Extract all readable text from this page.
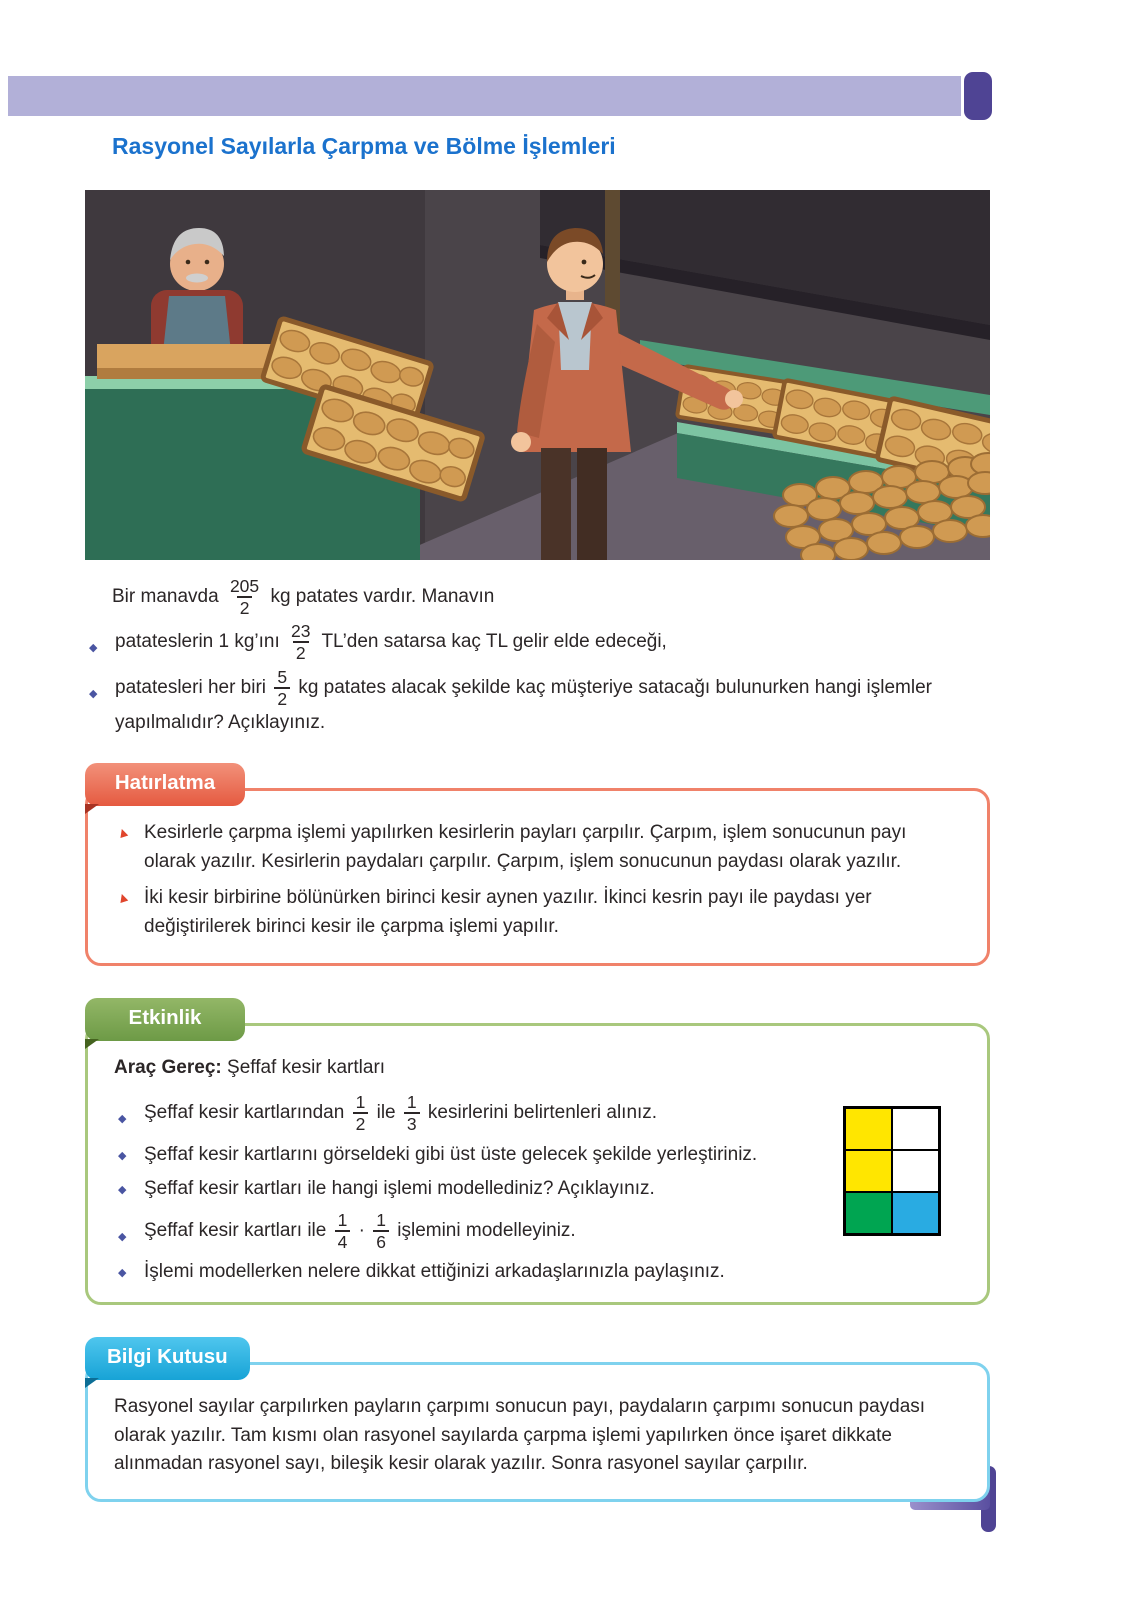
Rasyonel Sayılarla Çarpma ve Bölme İşlemleri

Bir manavda $\frac{205}{2}$ kg patates vardır. Manavın

◆ patateslerin 1 kg’ını $\frac{23}{2}$ TL’den satarsa kaç TL gelir elde edeceği,
◆ patatesleri her biri $\frac{5}{2}$ kg patates alacak şekilde kaç müşteriye satacağı bulunurken hangi işlemler yapılmalıdır? Açıklayınız.
Hatırlatma

▲ Kesirlerle çarpma işlemi yapılırken kesirlerin payları çarpılır. Çarpım, işlem sonucunun payı olarak yazılır. Kesirlerin paydaları çarpılır. Çarpım, işlem sonucunun paydası olarak yazılır.

▲ İki kesir birbirine bölünürken birinci kesir aynen yazılır. İkinci kesrin payı ile paydası yer değiştirilerek birinci kesir ile çarpma işlemi yapılır.

Etkinlik

Araç Gereç: Şeffaf kesir kartları

◆ Şeffaf kesir kartlarından $\frac{1}{2}$ ile $\frac{1}{3}$ kesirlerini belirtenleri alınız.
◆ Şeffaf kesir kartlarını görseldeki gibi üst üste gelecek şekilde yerleştiriniz.
◆ Şeffaf kesir kartları ile hangi işlemi modellediniz? Açıklayınız.
◆ Şeffaf kesir kartları ile $\frac{1}{4} \cdot \frac{1}{6}$ işlemini modelleyiniz.
◆ İşlemi modellerken nelere dikkat ettiğinizi arkadaşlarınızla paylaşınız.
Bilgi Kutusu

Rasyonel sayılar çarpılırken payların çarpımı sonucun payı, paydaların çarpımı sonucun paydası olarak yazılır. Tam kısmı olan rasyonel sayılarda çarpma işlemi yapılırken önce işaret dikkate alınmadan rasyonel sayı, bileşik kesir olarak yazılır. Sonra rasyonel sayılar çarpılır.
